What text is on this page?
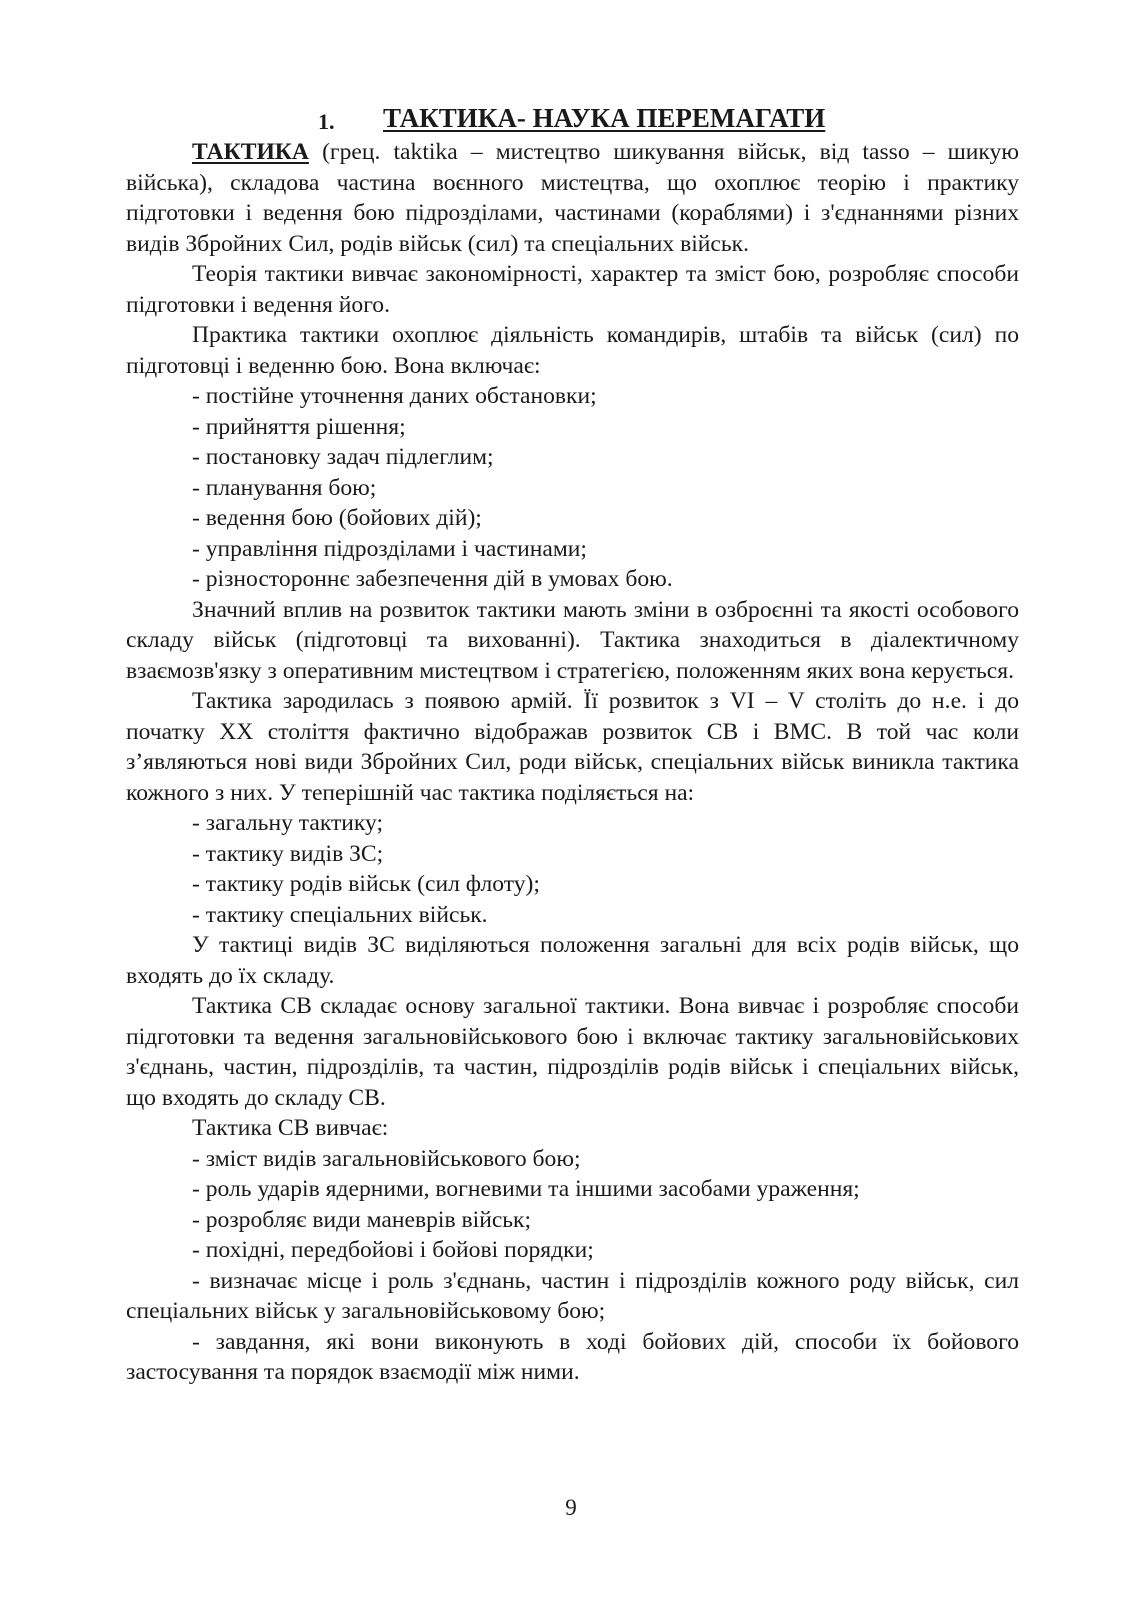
1. ТАКТИКА- НАУКА ПЕРЕМАГАТИ

ТАКТИКА (грец. taktika – мистецтво шикування військ, від tasso – шикую війська), складова частина воєнного мистецтва, що охоплює теорію і практику підготовки і ведення бою підрозділами, частинами (кораблями) і з'єднаннями різних видів Збройних Сил, родів військ (сил) та спеціальних військ.

Теорія тактики вивчає закономірності, характер та зміст бою, розробляє способи підготовки і ведення його.

Практика тактики охоплює діяльність командирів, штабів та військ (сил) по підготовці і веденню бою. Вона включає:

- постійне уточнення даних обстановки;

- прийняття рішення;

- постановку задач підлеглим;

- планування бою;

- ведення бою (бойових дій);

- управління підрозділами і частинами;

- різностороннє забезпечення дій в умовах бою.

Значний вплив на розвиток тактики мають зміни в озброєнні та якості особового складу військ (підготовці та вихованні). Тактика знаходиться в діалектичному взаємозв'язку з оперативним мистецтвом і стратегією, положенням яких вона керується.

Тактика зародилась з появою армій. Її розвиток з VI – V століть до н.е. і до початку XX століття фактично відображав розвиток СВ і ВМС. В той час коли з’являються нові види Збройних Сил, роди військ, спеціальних військ виникла тактика кожного з них. У теперішній час тактика поділяється на:

- загальну тактику;

- тактику видів ЗС;

- тактику родів військ (сил флоту);

- тактику спеціальних військ.

У тактиці видів ЗС виділяються положення загальні для всіх родів військ, що входять до їх складу.

Тактика СВ складає основу загальної тактики. Вона вивчає і розробляє способи підготовки та ведення загальновійськового бою і включає тактику загальновійськових з'єднань, частин, підрозділів, та частин, підрозділів родів військ і спеціальних військ, що входять до складу СВ.

Тактика СВ вивчає:

- зміст видів загальновійськового бою;

- роль ударів ядерними, вогневими та іншими засобами ураження;

- розробляє види маневрів військ;

- похідні, передбойові і бойові порядки;

- визначає місце і роль з'єднань, частин і підрозділів кожного роду військ, сил спеціальних військ у загальновійськовому бою;

- завдання, які вони виконують в ході бойових дій, способи їх бойового застосування та порядок взаємодії між ними.

9
